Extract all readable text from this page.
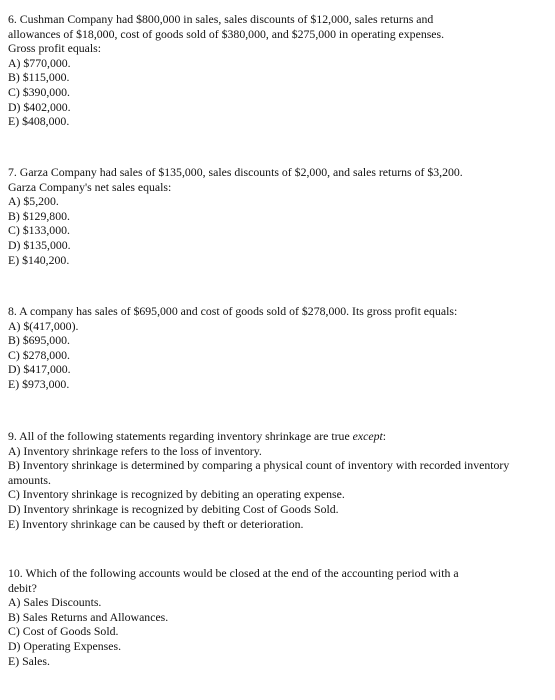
6. Cushman Company had $800,000 in sales, sales discounts of $12,000, sales returns and
allowances of $18,000, cost of goods sold of $380,000, and $275,000 in operating expenses.
Gross profit equals:
A) $770,000.
B) $115,000.
C) $390,000.
D) $402,000.
E) $408,000.
7. Garza Company had sales of $135,000, sales discounts of $2,000, and sales returns of $3,200.
Garza Company's net sales equals:
A) $5,200.
B) $129,800.
C) $133,000.
D) $135,000.
E) $140,200.
8. A company has sales of $695,000 and cost of goods sold of $278,000. Its gross profit equals:
A) $(417,000).
B) $695,000.
C) $278,000.
D) $417,000.
E) $973,000.
9. All of the following statements regarding inventory shrinkage are true except:
A) Inventory shrinkage refers to the loss of inventory.
B) Inventory shrinkage is determined by comparing a physical count of inventory with recorded inventory amounts.
C) Inventory shrinkage is recognized by debiting an operating expense.
D) Inventory shrinkage is recognized by debiting Cost of Goods Sold.
E) Inventory shrinkage can be caused by theft or deterioration.
10. Which of the following accounts would be closed at the end of the accounting period with a
debit?
A) Sales Discounts.
B) Sales Returns and Allowances.
C) Cost of Goods Sold.
D) Operating Expenses.
E) Sales.
